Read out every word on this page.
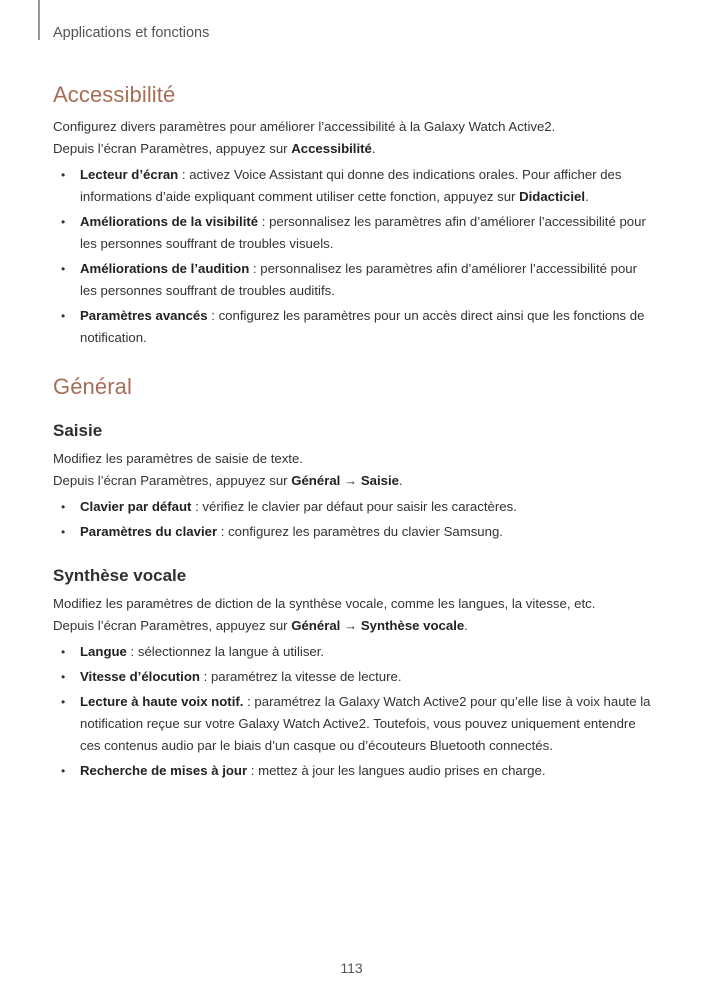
Applications et fonctions
Accessibilité

Configurez divers paramètres pour améliorer l’accessibilité à la Galaxy Watch Active2.

Depuis l’écran Paramètres, appuyez sur Accessibilité.

• Lecteur d’écran : activez Voice Assistant qui donne des indications orales. Pour afficher des informations d’aide expliquant comment utiliser cette fonction, appuyez sur Didacticiel.
• Améliorations de la visibilité : personnalisez les paramètres afin d’améliorer l’accessibilité pour les personnes souffrant de troubles visuels.
• Améliorations de l’audition : personnalisez les paramètres afin d’améliorer l’accessibilité pour les personnes souffrant de troubles auditifs.
• Paramètres avancés : configurez les paramètres pour un accès direct ainsi que les fonctions de notification.
Général
Saisie

Modifiez les paramètres de saisie de texte.

Depuis l’écran Paramètres, appuyez sur Général → Saisie.

• Clavier par défaut : vérifiez le clavier par défaut pour saisir les caractères.
• Paramètres du clavier : configurez les paramètres du clavier Samsung.
Synthèse vocale

Modifiez les paramètres de diction de la synthèse vocale, comme les langues, la vitesse, etc.

Depuis l’écran Paramètres, appuyez sur Général → Synthèse vocale.

• Langue : sélectionnez la langue à utiliser.
• Vitesse d’élocution : paramétrez la vitesse de lecture.
• Lecture à haute voix notif. : paramétrez la Galaxy Watch Active2 pour qu’elle lise à voix haute la notification reçue sur votre Galaxy Watch Active2. Toutefois, vous pouvez uniquement entendre ces contenus audio par le biais d’un casque ou d’écouteurs Bluetooth connectés.
• Recherche de mises à jour : mettez à jour les langues audio prises en charge.
113
